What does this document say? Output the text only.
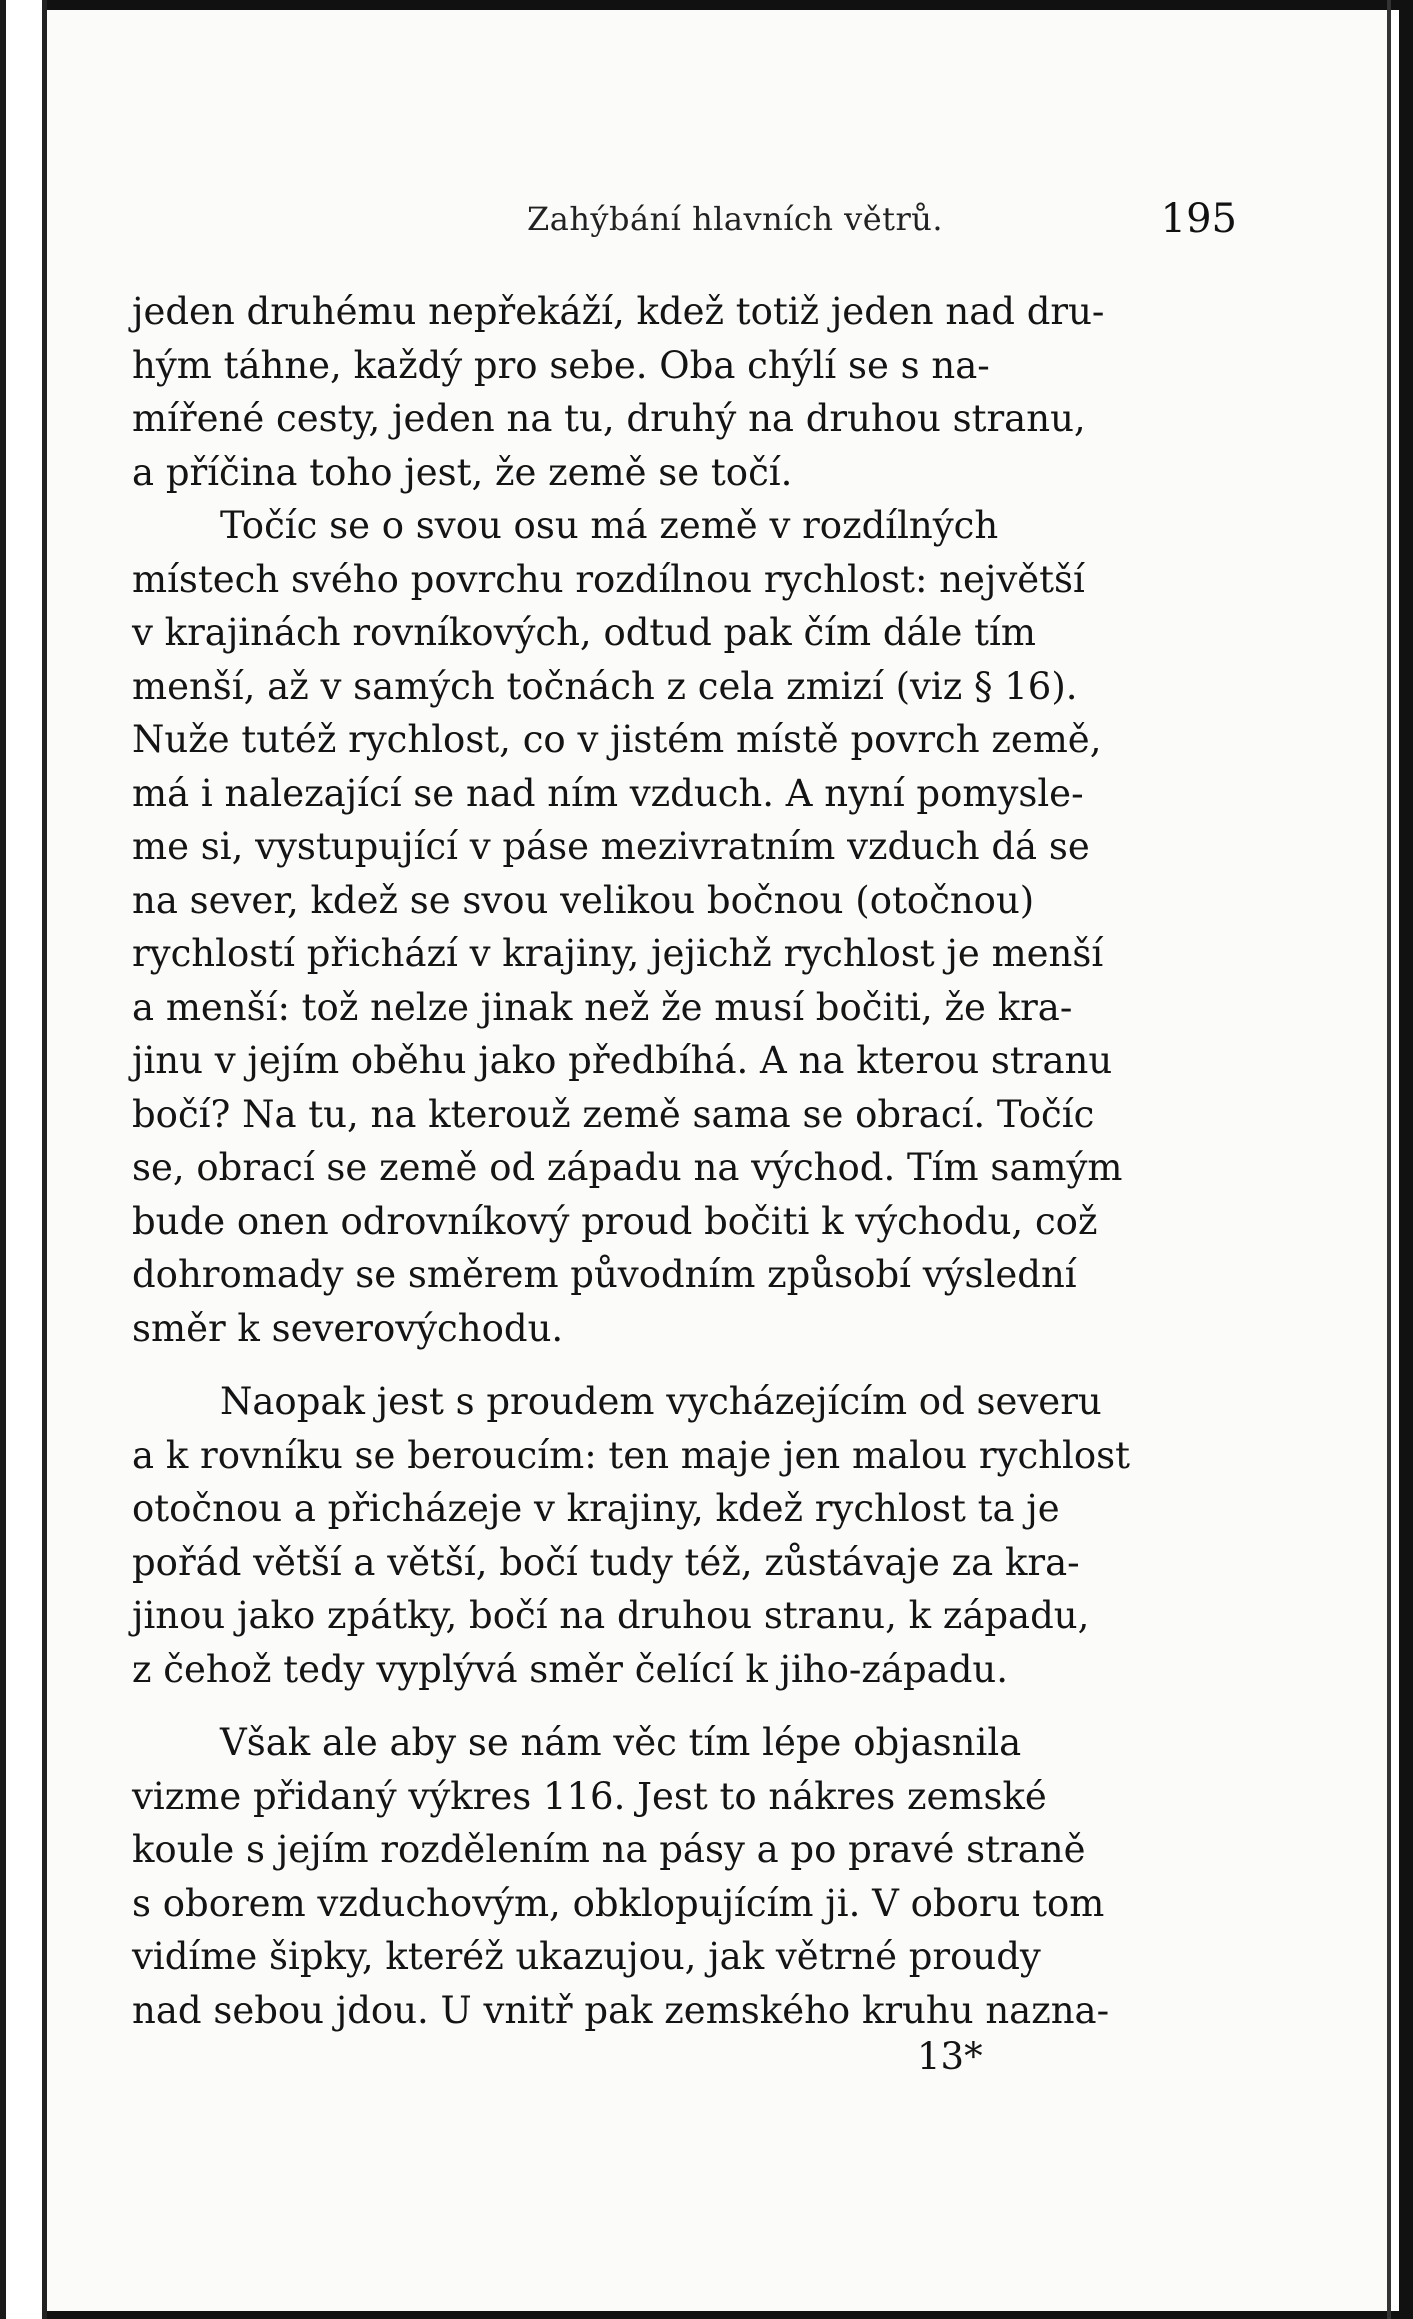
Zahýbání hlavních větrů.	195
jeden druhému nepřekáží, kdež totiž jeden nad dru-
hým táhne, každý pro sebe. Oba chýlí se s na-
mířené cesty, jeden na tu, druhý na druhou stranu,
a příčina toho jest, že země se točí.
Točíc se o svou osu má země v rozdílných
místech svého povrchu rozdílnou rychlost: největší
v krajinách rovníkových, odtud pak čím dále tím
menší, až v samých točnách z cela zmizí (viz § 16).
Nuže tutéž rychlost, co v jistém místě povrch země,
má i nalezající se nad ním vzduch. A nyní pomysle-
me si, vystupující v páse mezivratním vzduch dá se
na sever, kdež se svou velikou bočnou (otočnou)
rychlostí přichází v krajiny, jejichž rychlost je menší
a menší: tož nelze jinak než že musí bočiti, že kra-
jinu v jejím oběhu jako předbíhá. A na kterou stranu
bočí? Na tu, na kterouž země sama se obrací. Točíc
se, obrací se země od západu na východ. Tím samým
bude onen odrovníkový proud bočiti k východu, což
dohromady se směrem původním způsobí výslední
směr k severovýchodu.
Naopak jest s proudem vycházejícím od severu
a k rovníku se beroucím: ten maje jen malou rychlost
otočnou a přicházeje v krajiny, kdež rychlost ta je
pořád větší a větší, bočí tudy též, zůstávaje za kra-
jinou jako zpátky, bočí na druhou stranu, k západu,
z čehož tedy vyplývá směr čelící k jiho-západu.
Však ale aby se nám věc tím lépe objasnila
vizme přidaný výkres 116. Jest to nákres zemské
koule s jejím rozdělením na pásy a po pravé straně
s oborem vzduchovým, obklopujícím ji. V oboru tom
vidíme šipky, kteréž ukazujou, jak větrné proudy
nad sebou jdou. U vnitř pak zemského kruhu nazna-
13*
